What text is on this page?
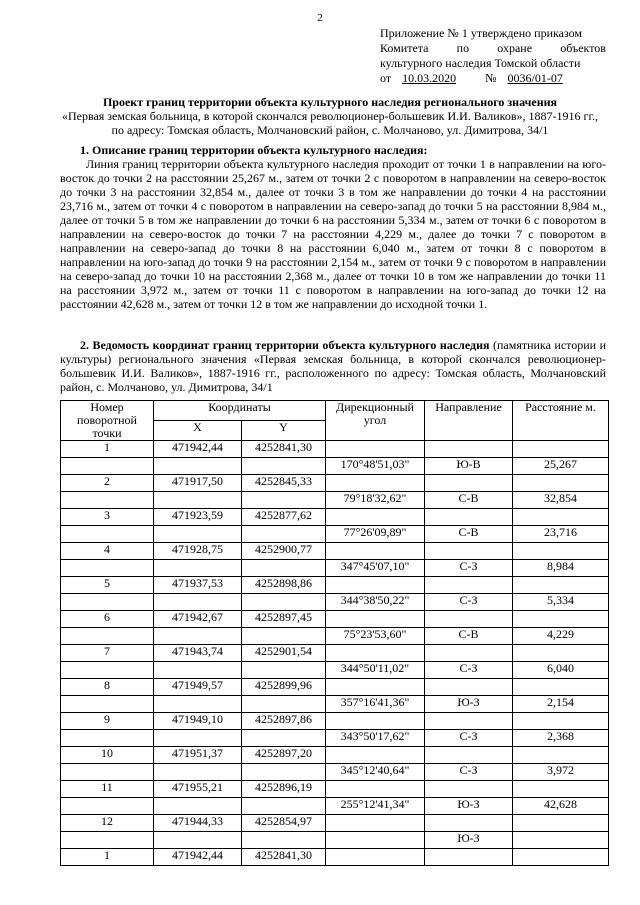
2
Приложение № 1 утверждено приказом
Комитета по охране объектов
культурного наследия Томской области
от 10.03.2020 № 0036/01-07
Проект границ территории объекта культурного наследия регионального значения
«Первая земская больница, в которой скончался революционер-большевик И.И. Валиков», 1887-1916 гг., по адресу: Томская область, Молчановский район, с. Молчаново, ул. Димитрова, 34/1
1. Описание границ территории объекта культурного наследия:
Линия границ территории объекта культурного наследия проходит от точки 1 в направлении на юго-восток до точки 2 на расстоянии 25,267 м., затем от точки 2 с поворотом в направлении на северо-восток до точки 3 на расстоянии 32,854 м., далее от точки 3 в том же направлении до точки 4 на расстоянии 23,716 м., затем от точки 4 с поворотом в направлении на северо-запад до точки 5 на расстоянии 8,984 м., далее от точки 5 в том же направлении до точки 6 на расстоянии 5,334 м., затем от точки 6 с поворотом в направлении на северо-восток до точки 7 на расстоянии 4,229 м., далее до точки 7 с поворотом в направлении на северо-запад до точки 8 на расстоянии 6,040 м., затем от точки 8 с поворотом в направлении на юго-запад до точки 9 на расстоянии 2,154 м., затем от точки 9 с поворотом в направлении на северо-запад до точки 10 на расстоянии 2,368 м., далее от точки 10 в том же направлении до точки 11 на расстоянии 3,972 м., затем от точки 11 с поворотом в направлении на юго-запад до точки 12 на расстоянии 42,628 м., затем от точки 12 в том же направлении до исходной точки 1.
2. Ведомость координат границ территории объекта культурного наследия (памятника истории и культуры) регионального значения «Первая земская больница, в которой скончался революционер-большевик И.И. Валиков», 1887-1916 гг., расположенного по адресу: Томская область, Молчановский район, с. Молчаново, ул. Димитрова, 34/1
Номер поворотной точки	Координаты		Дирекционный угол	Направление	Расстояние м.
	X	Y			
1	471942,44	4252841,30			
			170°48'51,03"	Ю-В	25,267
2	471917,50	4252845,33			
			79°18'32,62"	С-В	32,854
3	471923,59	4252877,62			
			77°26'09,89"	С-В	23,716
4	471928,75	4252900,77			
			347°45'07,10"	С-З	8,984
5	471937,53	4252898,86			
			344°38'50,22"	С-З	5,334
6	471942,67	4252897,45			
			75°23'53,60"	С-В	4,229
7	471943,74	4252901,54			
			344°50'11,02"	С-З	6,040
8	471949,57	4252899,96			
			357°16'41,36"	Ю-З	2,154
9	471949,10	4252897,86			
			343°50'17,62"	С-З	2,368
10	471951,37	4252897,20			
			345°12'40,64"	С-З	3,972
11	471955,21	4252896,19			
			255°12'41,34"	Ю-З	42,628
12	471944,33	4252854,97			
				Ю-З	
1	471942,44	4252841,30			
